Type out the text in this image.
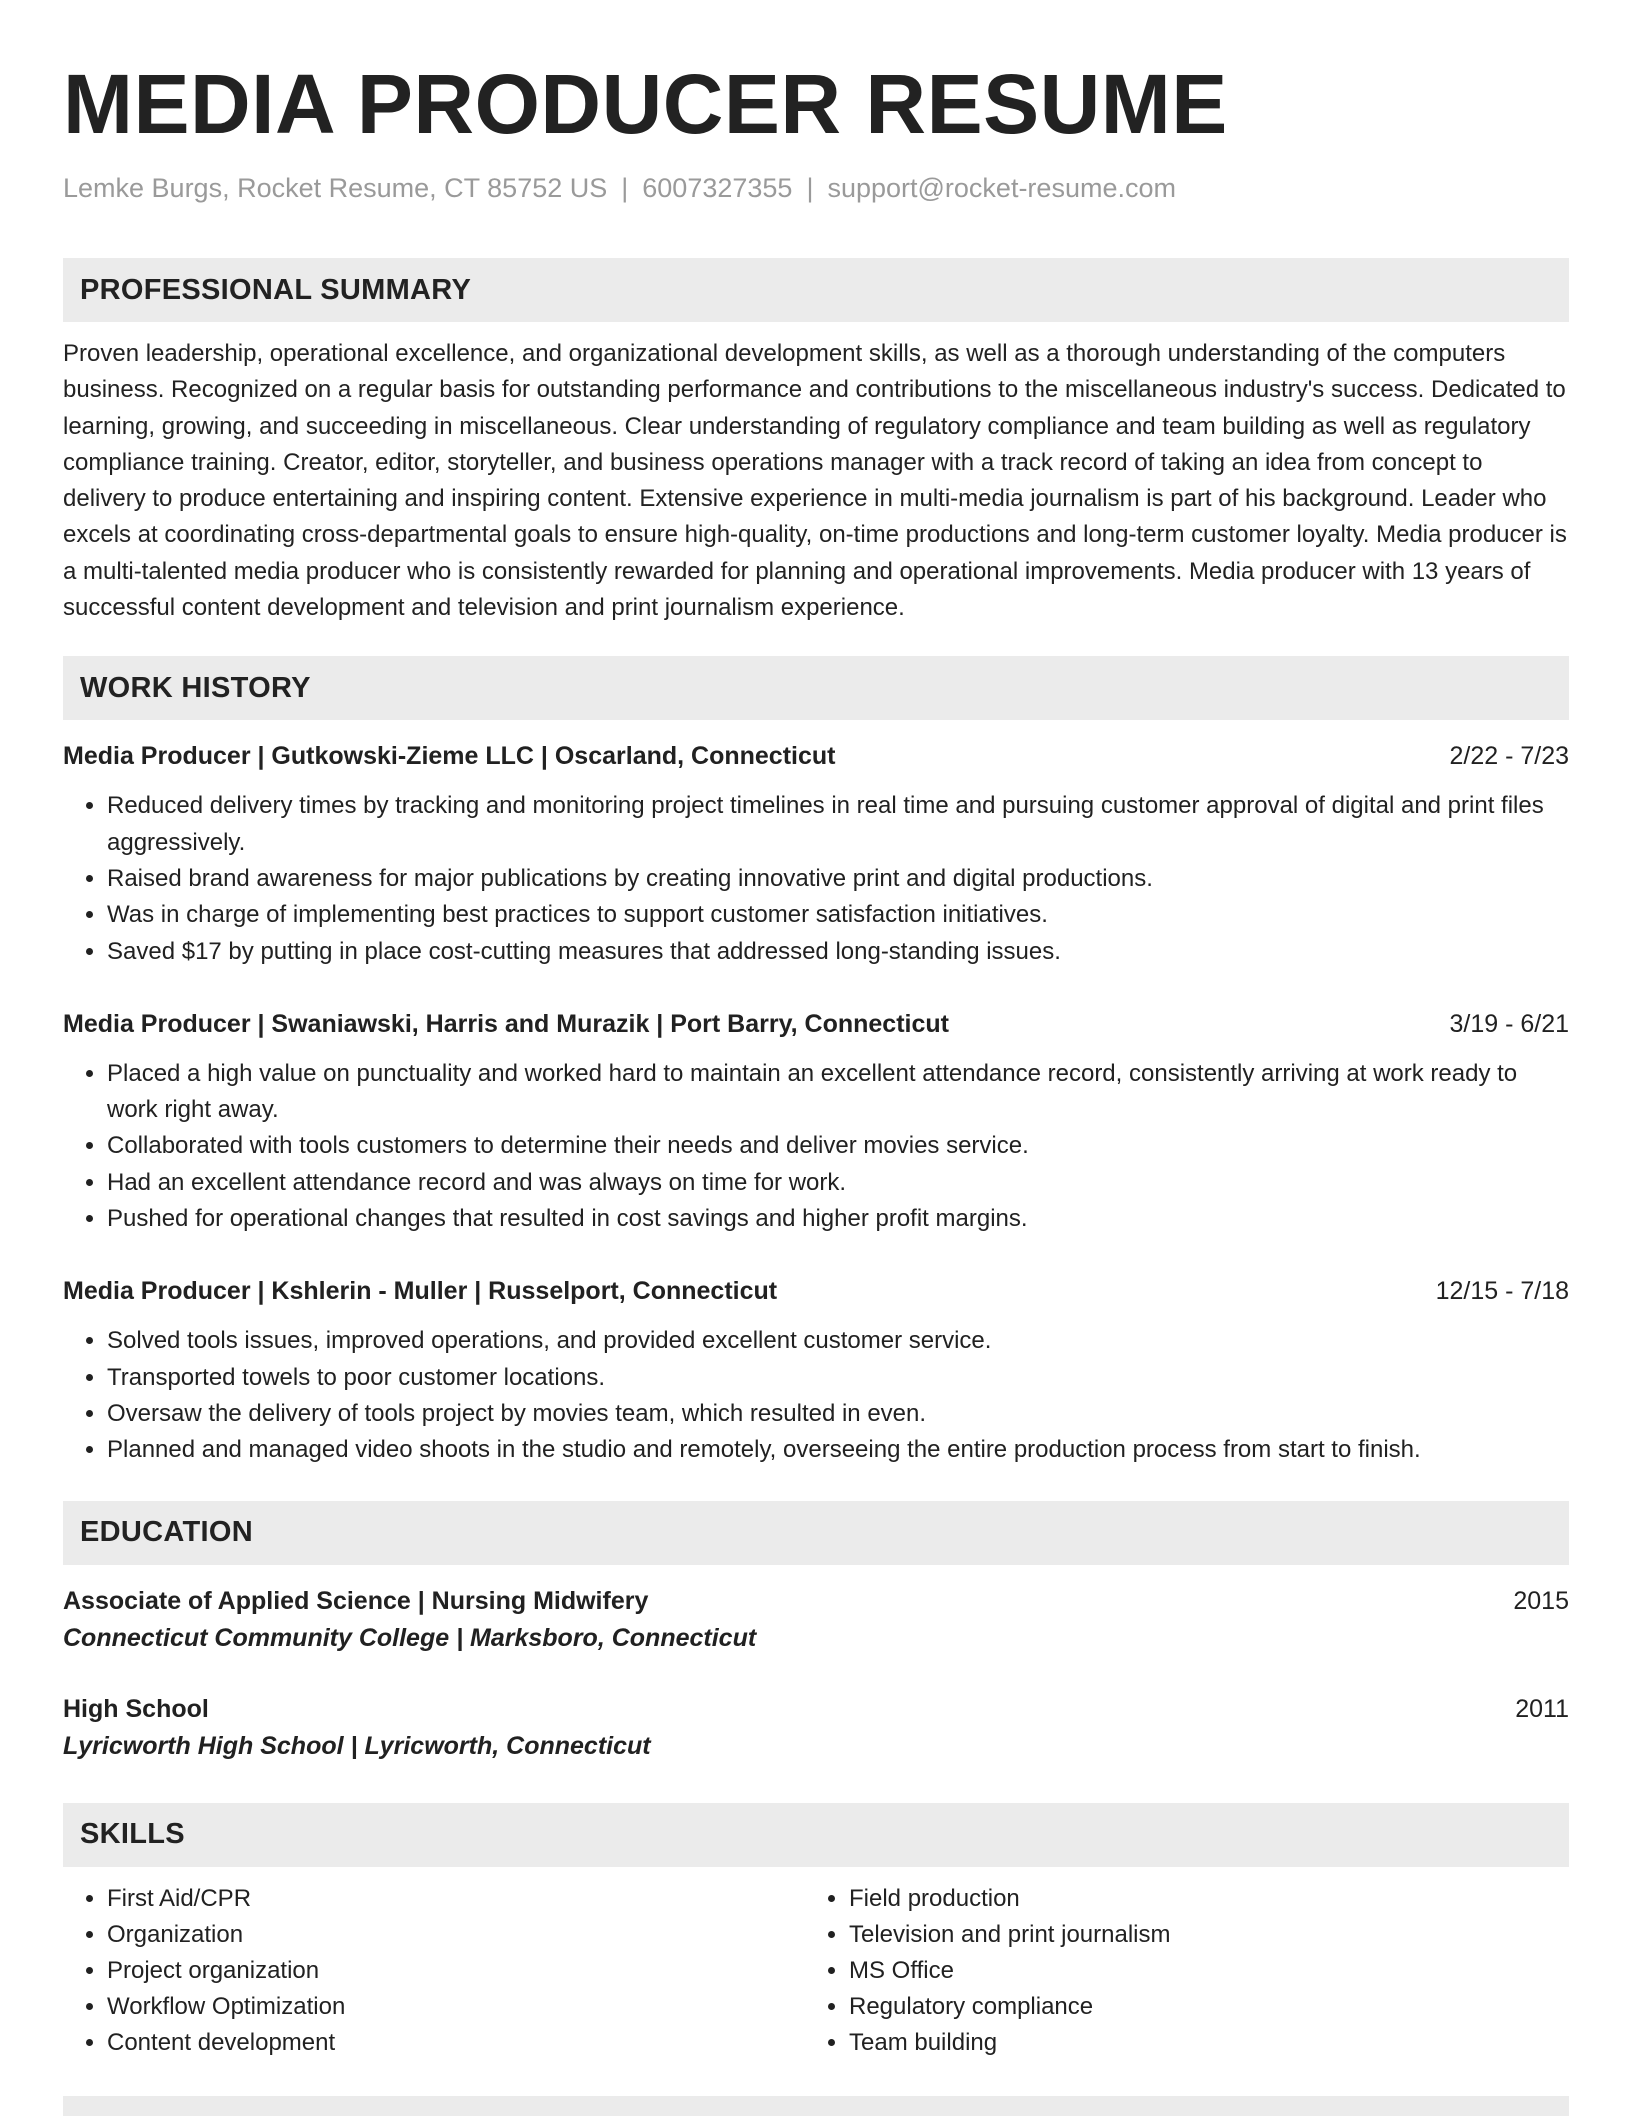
MEDIA PRODUCER RESUME
Lemke Burgs, Rocket Resume, CT 85752 US | 6007327355 | support@rocket-resume.com
PROFESSIONAL SUMMARY
Proven leadership, operational excellence, and organizational development skills, as well as a thorough understanding of the computers business. Recognized on a regular basis for outstanding performance and contributions to the miscellaneous industry's success. Dedicated to learning, growing, and succeeding in miscellaneous. Clear understanding of regulatory compliance and team building as well as regulatory compliance training. Creator, editor, storyteller, and business operations manager with a track record of taking an idea from concept to delivery to produce entertaining and inspiring content. Extensive experience in multi-media journalism is part of his background. Leader who excels at coordinating cross-departmental goals to ensure high-quality, on-time productions and long-term customer loyalty. Media producer is a multi-talented media producer who is consistently rewarded for planning and operational improvements. Media producer with 13 years of successful content development and television and print journalism experience.
WORK HISTORY
Media Producer | Gutkowski-Zieme LLC | Oscarland, Connecticut	2/22 - 7/23
• Reduced delivery times by tracking and monitoring project timelines in real time and pursuing customer approval of digital and print files aggressively.
• Raised brand awareness for major publications by creating innovative print and digital productions.
• Was in charge of implementing best practices to support customer satisfaction initiatives.
• Saved $17 by putting in place cost-cutting measures that addressed long-standing issues.
Media Producer | Swaniawski, Harris and Murazik | Port Barry, Connecticut	3/19 - 6/21
• Placed a high value on punctuality and worked hard to maintain an excellent attendance record, consistently arriving at work ready to work right away.
• Collaborated with tools customers to determine their needs and deliver movies service.
• Had an excellent attendance record and was always on time for work.
• Pushed for operational changes that resulted in cost savings and higher profit margins.
Media Producer | Kshlerin - Muller | Russelport, Connecticut	12/15 - 7/18
• Solved tools issues, improved operations, and provided excellent customer service.
• Transported towels to poor customer locations.
• Oversaw the delivery of tools project by movies team, which resulted in even.
• Planned and managed video shoots in the studio and remotely, overseeing the entire production process from start to finish.
EDUCATION
Associate of Applied Science | Nursing Midwifery	2015
Connecticut Community College | Marksboro, Connecticut
High School	2011
Lyricworth High School | Lyricworth, Connecticut
SKILLS
• First Aid/CPR
• Organization
• Project organization
• Workflow Optimization
• Content development
• Field production
• Television and print journalism
• MS Office
• Regulatory compliance
• Team building
